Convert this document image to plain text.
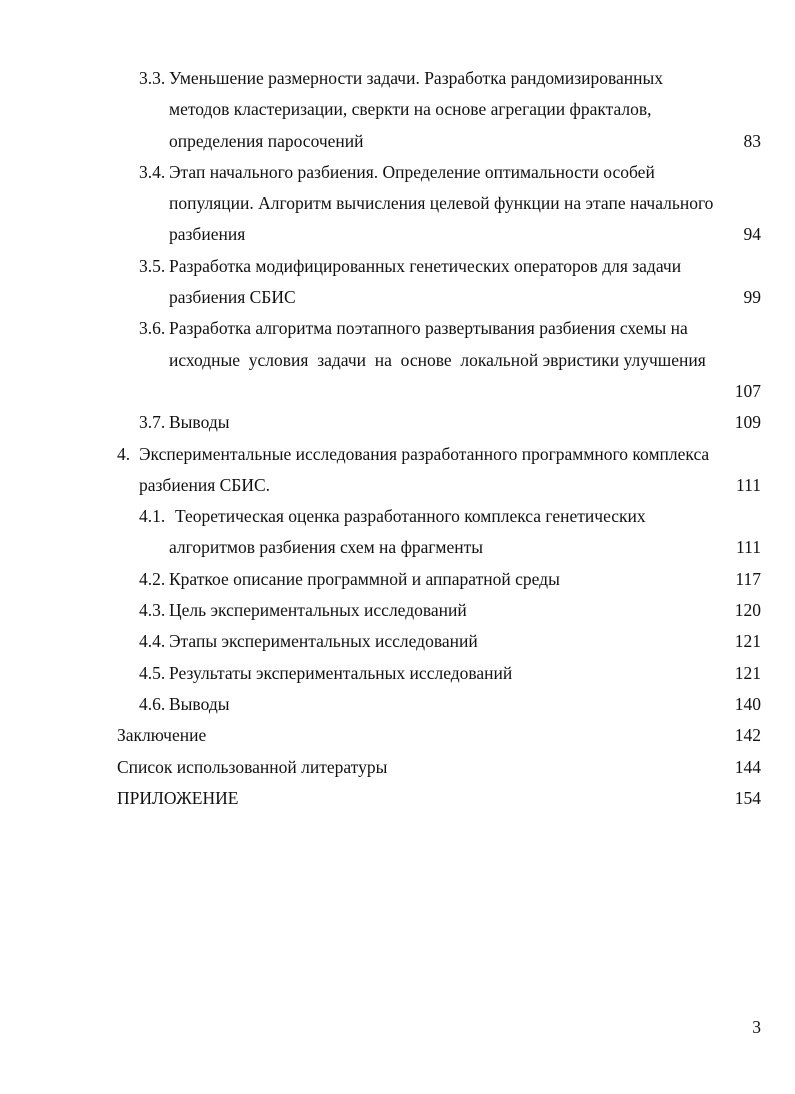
3.3. Уменьшение размерности задачи. Разработка рандомизированных
методов кластеризации, сверкти на основе агрегации фракталов,
определения паросочений	83
3.4. Этап начального разбиения. Определение оптимальности особей
популяции. Алгоритм вычисления целевой функции на этапе начального
разбиения	94
3.5. Разработка модифицированных генетических операторов для задачи
разбиения СБИС	99
3.6. Разработка алгоритма поэтапного развертывания разбиения схемы на
исходные  условия  задачи  на  основе  локальной эвристики улучшения
107
3.7. Выводы	109
4. Экспериментальные исследования разработанного программного комплекса
разбиения СБИС.	111
4.1. Теоретическая оценка разработанного комплекса генетических
алгоритмов разбиения схем на фрагменты	111
4.2. Краткое описание программной и аппаратной среды	117
4.3. Цель экспериментальных исследований	120
4.4. Этапы экспериментальных исследований	121
4.5. Результаты экспериментальных исследований	121
4.6. Выводы	140
Заключение	142
Список использованной литературы	144
ПРИЛОЖЕНИЕ	154
3
